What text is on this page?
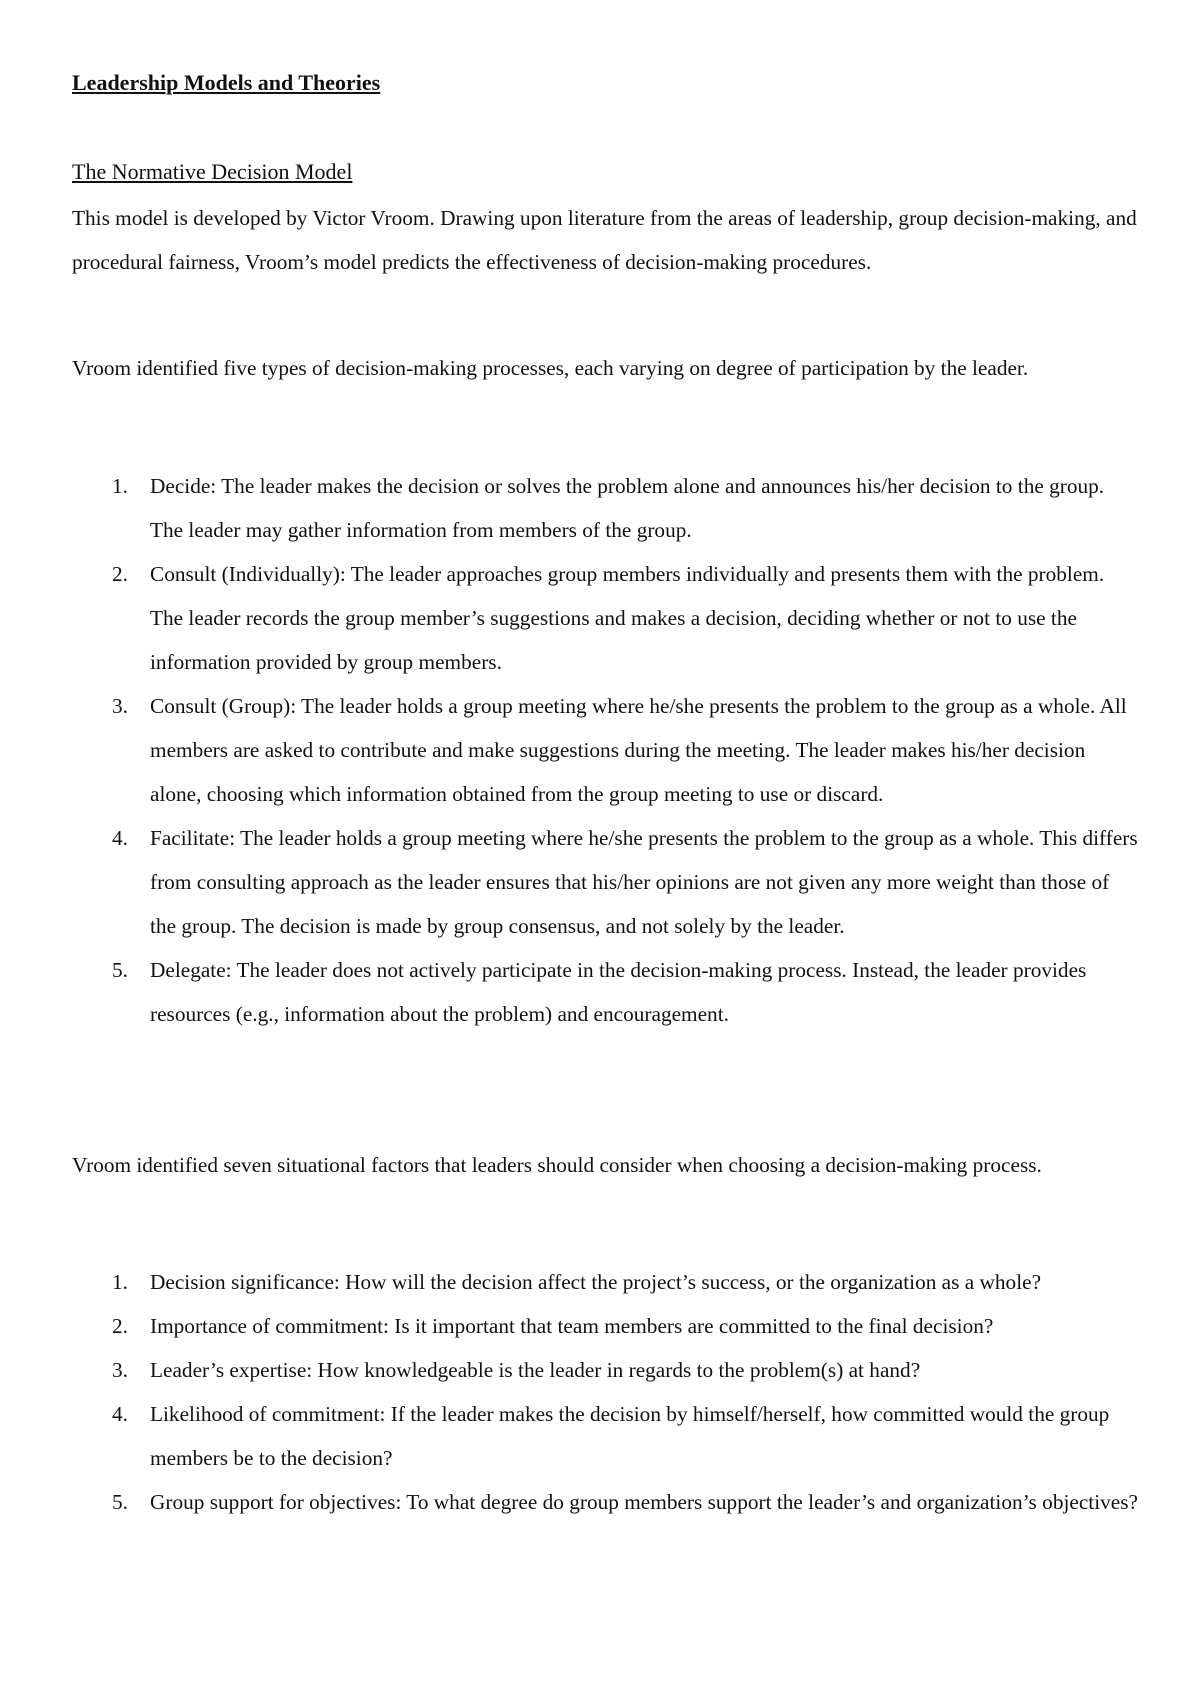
Leadership Models and Theories
The Normative Decision Model

This model is developed by Victor Vroom. Drawing upon literature from the areas of leadership, group decision-making, and procedural fairness, Vroom’s model predicts the effectiveness of decision-making procedures.

Vroom identified five types of decision-making processes, each varying on degree of participation by the leader.

1. Decide: The leader makes the decision or solves the problem alone and announces his/her decision to the group. The leader may gather information from members of the group.
2. Consult (Individually): The leader approaches group members individually and presents them with the problem. The leader records the group member’s suggestions and makes a decision, deciding whether or not to use the information provided by group members.
3. Consult (Group): The leader holds a group meeting where he/she presents the problem to the group as a whole. All members are asked to contribute and make suggestions during the meeting. The leader makes his/her decision alone, choosing which information obtained from the group meeting to use or discard.
4. Facilitate: The leader holds a group meeting where he/she presents the problem to the group as a whole. This differs from consulting approach as the leader ensures that his/her opinions are not given any more weight than those of the group. The decision is made by group consensus, and not solely by the leader.
5. Delegate: The leader does not actively participate in the decision-making process. Instead, the leader provides resources (e.g., information about the problem) and encouragement.

Vroom identified seven situational factors that leaders should consider when choosing a decision-making process.

1. Decision significance: How will the decision affect the project’s success, or the organization as a whole?
2. Importance of commitment: Is it important that team members are committed to the final decision?
3. Leader’s expertise: How knowledgeable is the leader in regards to the problem(s) at hand?
4. Likelihood of commitment: If the leader makes the decision by himself/herself, how committed would the group members be to the decision?
5. Group support for objectives: To what degree do group members support the leader’s and organization’s objectives?
